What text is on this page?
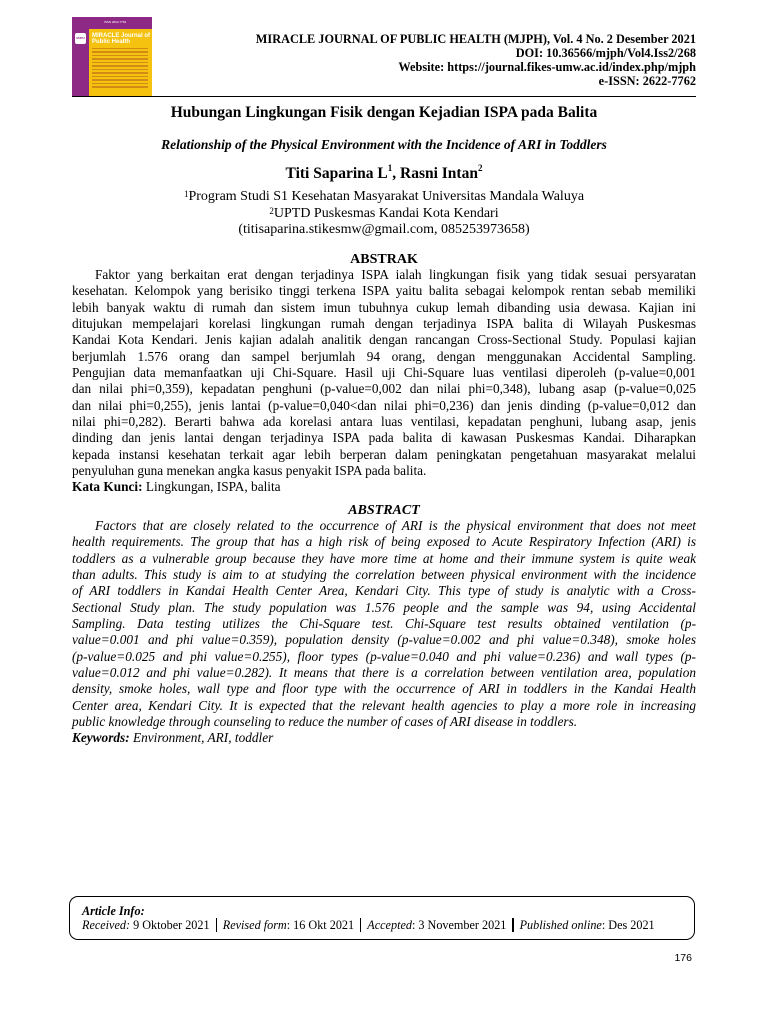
ISSN 2622-7762
MJPH MIRACLE Journal of Public Health	MIRACLE JOURNAL OF PUBLIC HEALTH (MJPH), Vol. 4 No. 2 Desember 2021
DOI: 10.36566/mjph/Vol4.Iss2/268
Website: https://journal.fikes-umw.ac.id/index.php/mjph
e-ISSN: 2622-7762
Hubungan Lingkungan Fisik dengan Kejadian ISPA pada Balita
Relationship of the Physical Environment with the Incidence of ARI in Toddlers
Titi Saparina $L^1$, Rasni Intan$^2$
$^1$Program Studi S1 Kesehatan Masyarakat Universitas Mandala Waluya
$^2$UPTD Puskesmas Kandai Kota Kendari
(titisaparina.stikesmw@gmail.com, 085253973658)
ABSTRAK
Faktor yang berkaitan erat dengan terjadinya ISPA ialah lingkungan fisik yang tidak sesuai persyaratan
kesehatan. Kelompok yang berisiko tinggi terkena ISPA yaitu balita sebagai kelompok rentan sebab memiliki
lebih banyak waktu di rumah dan sistem imun tubuhnya cukup lemah dibanding usia dewasa. Kajian ini
ditujukan mempelajari korelasi lingkungan rumah dengan terjadinya ISPA balita di Wilayah Puskesmas
Kandai Kota Kendari. Jenis kajian adalah analitik dengan rancangan Cross-Sectional Study. Populasi kajian
berjumlah 1.576 orang dan sampel berjumlah 94 orang, dengan menggunakan Accidental Sampling.
Pengujian data memanfaatkan uji Chi-Square. Hasil uji Chi-Square luas ventilasi diperoleh (p-value=0,001
dan nilai phi=0,359), kepadatan penghuni (p-value=0,002 dan nilai phi=0,348), lubang asap (p-value=0,025
dan nilai phi=0,255), jenis lantai (p-value=0,040<dan nilai phi=0,236) dan jenis dinding (p-value=0,012 dan
nilai phi=0,282). Berarti bahwa ada korelasi antara luas ventilasi, kepadatan penghuni, lubang asap, jenis
dinding dan jenis lantai dengan terjadinya ISPA pada balita di kawasan Puskesmas Kandai. Diharapkan
kepada instansi kesehatan terkait agar lebih berperan dalam peningkatan pengetahuan masyarakat melalui
penyuluhan guna menekan angka kasus penyakit ISPA pada balita.
Kata Kunci: Lingkungan, ISPA, balita
ABSTRACT
Factors that are closely related to the occurrence of ARI is the physical environment that does not meet
health requirements. The group that has a high risk of being exposed to Acute Respiratory Infection (ARI) is
toddlers as a vulnerable group because they have more time at home and their immune system is quite weak
than adults. This study is aim to at studying the correlation between physical environment with the incidence
of ARI toddlers in Kandai Health Center Area, Kendari City. This type of study is analytic with a Cross-
Sectional Study plan. The study population was 1.576 people and the sample was 94, using Accidental
Sampling. Data testing utilizes the Chi-Square test. Chi-Square test results obtained ventilation (p-
value=0.001 and phi value=0.359), population density (p-value=0.002 and phi value=0.348), smoke holes
(p-value=0.025 and phi value=0.255), floor types (p-value=0.040 and phi value=0.236) and wall types (p-
value=0.012 and phi value=0.282). It means that there is a correlation between ventilation area, population
density, smoke holes, wall type and floor type with the occurrence of ARI in toddlers in the Kandai Health
Center area, Kendari City. It is expected that the relevant health agencies to play a more role in increasing
public knowledge through counseling to reduce the number of cases of ARI disease in toddlers.
Keywords: Environment, ARI, toddler
Article Info:
Received: 9 Oktober 2021 Revised form: 16 Okt 2021 Accepted: 3 November 2021 Published online: Des 2021
176
